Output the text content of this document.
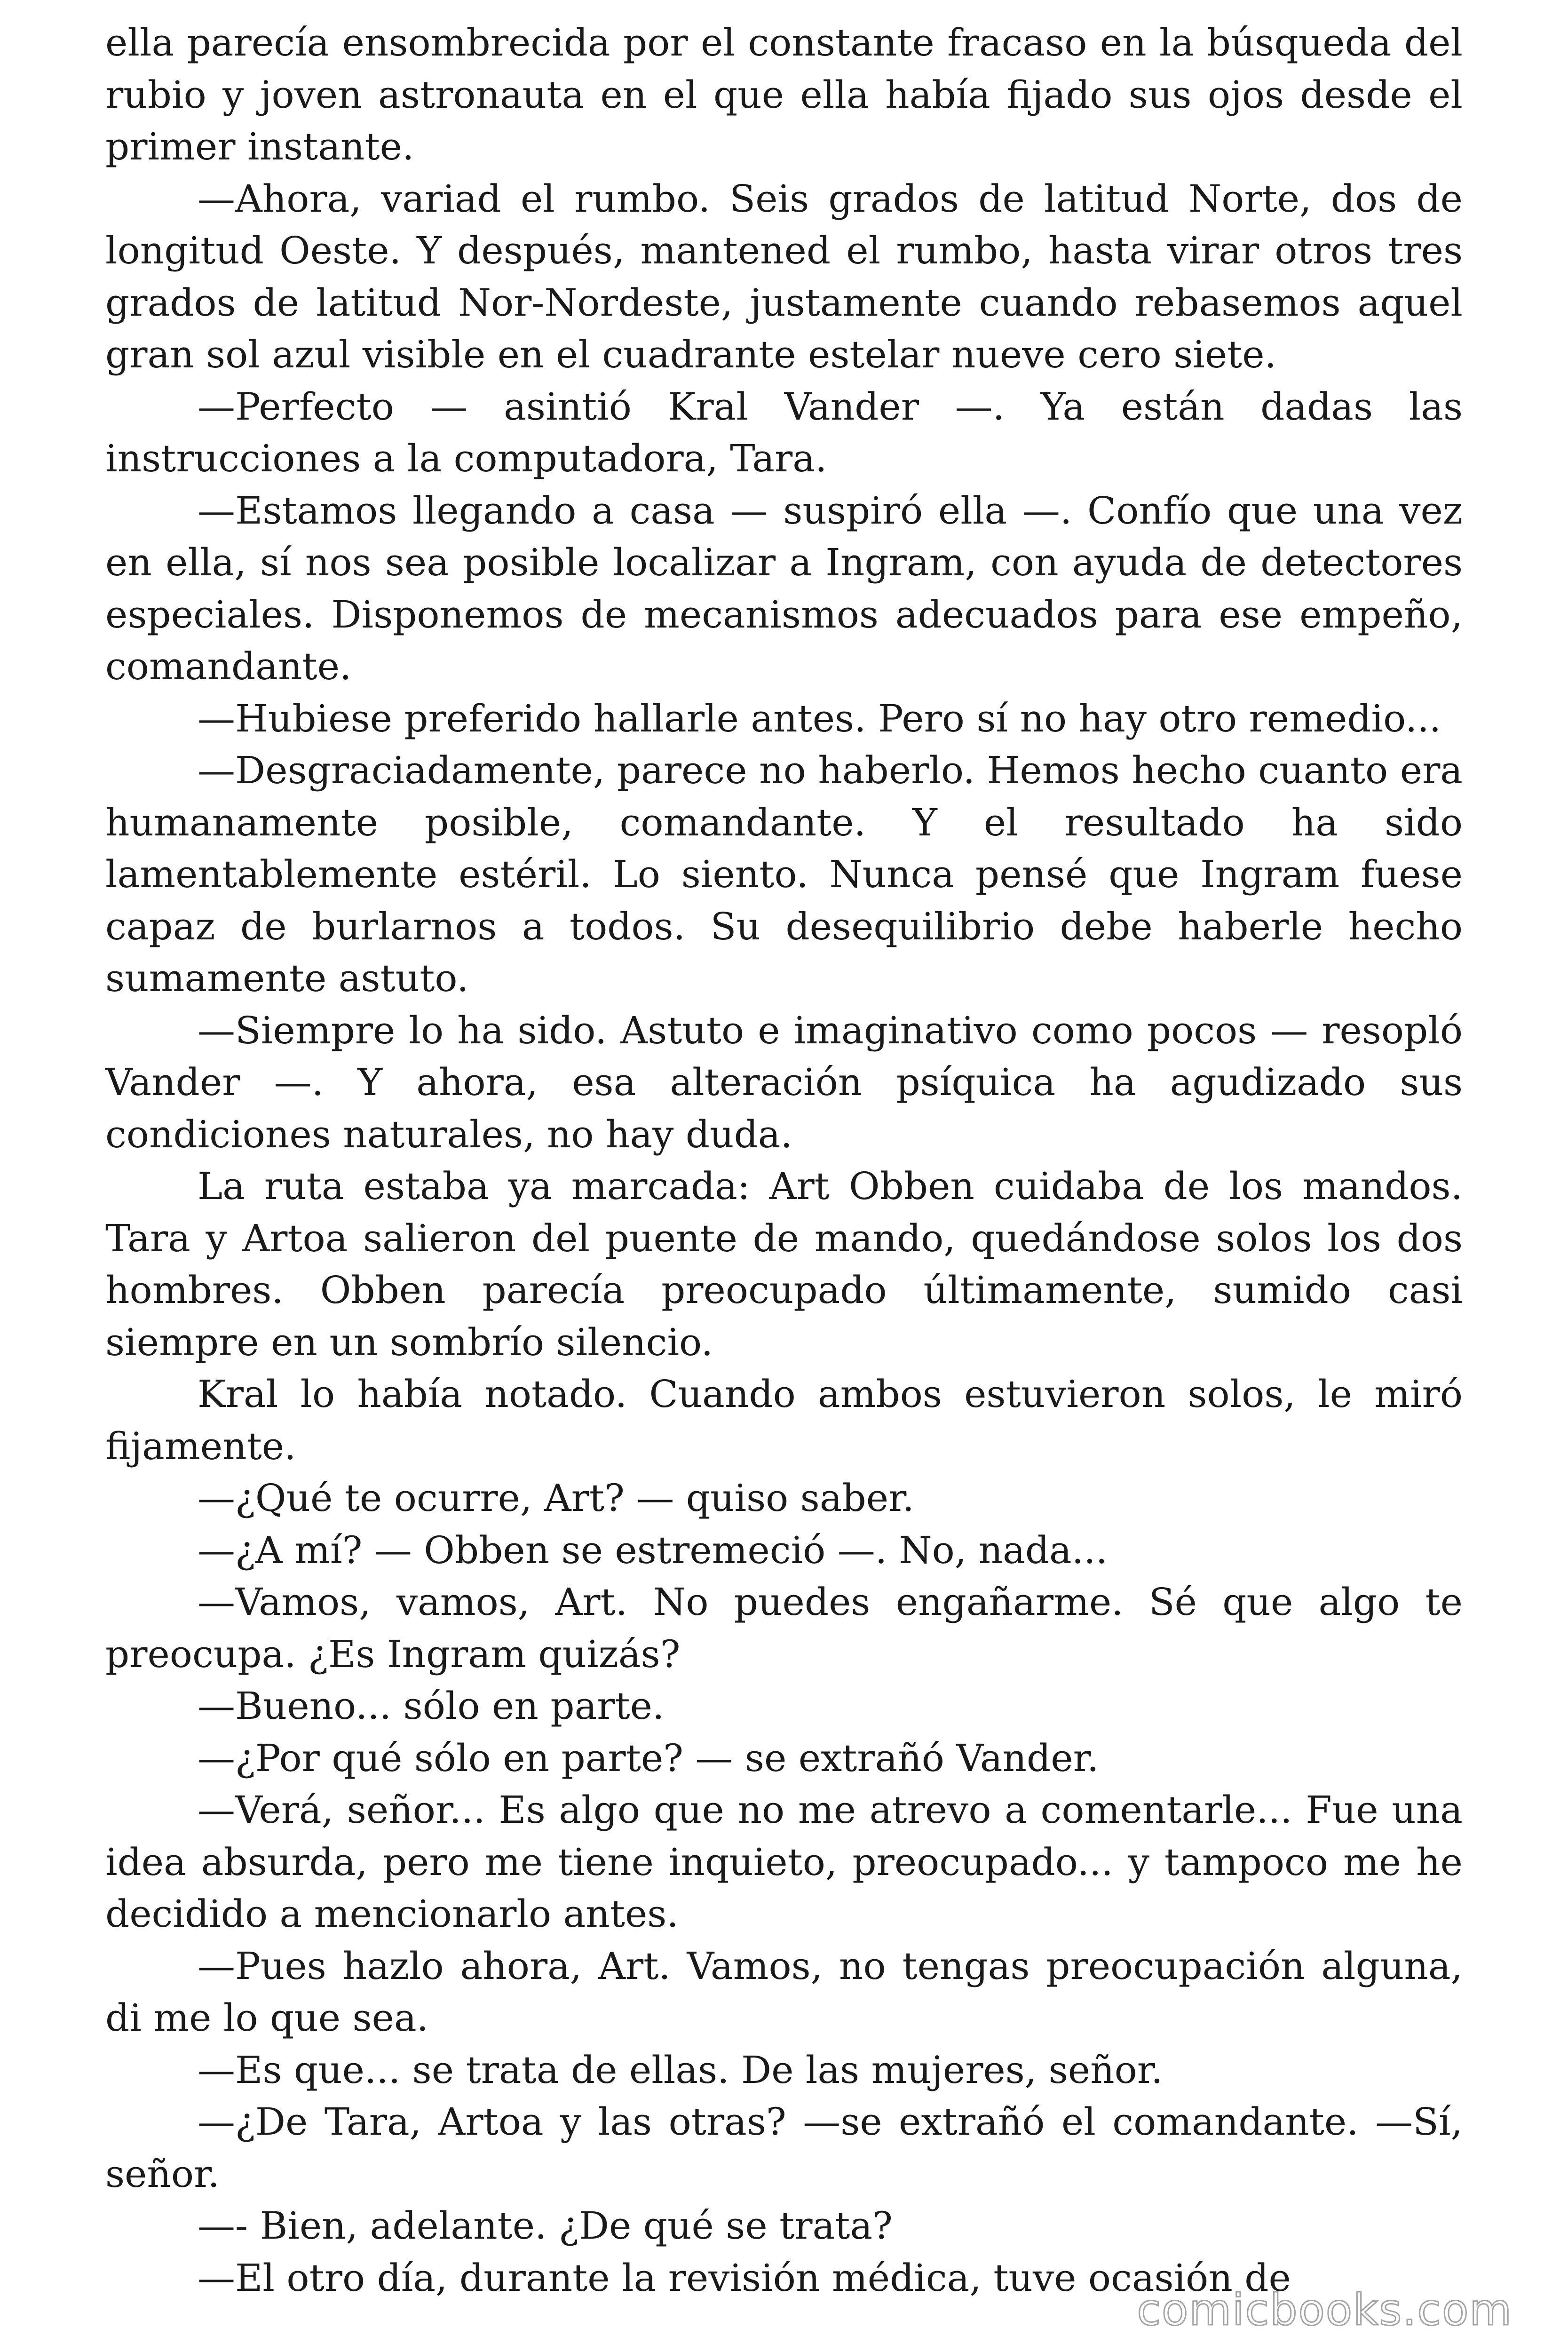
ella parecía ensombrecida por el constante fracaso en la búsqueda del rubio y joven astronauta en el que ella había fijado sus ojos desde el primer instante.

—Ahora, variad el rumbo. Seis grados de latitud Norte, dos de longitud Oeste. Y después, mantened el rumbo, hasta virar otros tres grados de latitud Nor-Nordeste, justamente cuando rebasemos aquel gran sol azul visible en el cuadrante estelar nueve cero siete.

—Perfecto — asintió Kral Vander —. Ya están dadas las instrucciones a la computadora, Tara.

—Estamos llegando a casa — suspiró ella —. Confío que una vez en ella, sí nos sea posible localizar a Ingram, con ayuda de detectores especiales. Disponemos de mecanismos adecuados para ese empeño, comandante.

—Hubiese preferido hallarle antes. Pero sí no hay otro remedio...

—Desgraciadamente, parece no haberlo. Hemos hecho cuanto era humanamente posible, comandante. Y el resultado ha sido lamentablemente estéril. Lo siento. Nunca pensé que Ingram fuese capaz de burlarnos a todos. Su desequilibrio debe haberle hecho sumamente astuto.

—Siempre lo ha sido. Astuto e imaginativo como pocos — resopló Vander —. Y ahora, esa alteración psíquica ha agudizado sus condiciones naturales, no hay duda.

La ruta estaba ya marcada: Art Obben cuidaba de los mandos. Tara y Artoa salieron del puente de mando, quedándose solos los dos hombres. Obben parecía preocupado últimamente, sumido casi siempre en un sombrío silencio.

Kral lo había notado. Cuando ambos estuvieron solos, le miró fijamente.

—¿Qué te ocurre, Art? — quiso saber.

—¿A mí? — Obben se estremeció —. No, nada...

—Vamos, vamos, Art. No puedes engañarme. Sé que algo te preocupa. ¿Es Ingram quizás?

—Bueno... sólo en parte.

—¿Por qué sólo en parte? — se extrañó Vander.

—Verá, señor... Es algo que no me atrevo a comentarle... Fue una idea absurda, pero me tiene inquieto, preocupado... y tampoco me he decidido a mencionarlo antes.

—Pues hazlo ahora, Art. Vamos, no tengas preocupación alguna, di me lo que sea.

—Es que... se trata de ellas. De las mujeres, señor.

—¿De Tara, Artoa y las otras? —se extrañó el comandante. —Sí, señor.

—- Bien, adelante. ¿De qué se trata?

—El otro día, durante la revisión médica, tuve ocasión de

comicbooks.com
